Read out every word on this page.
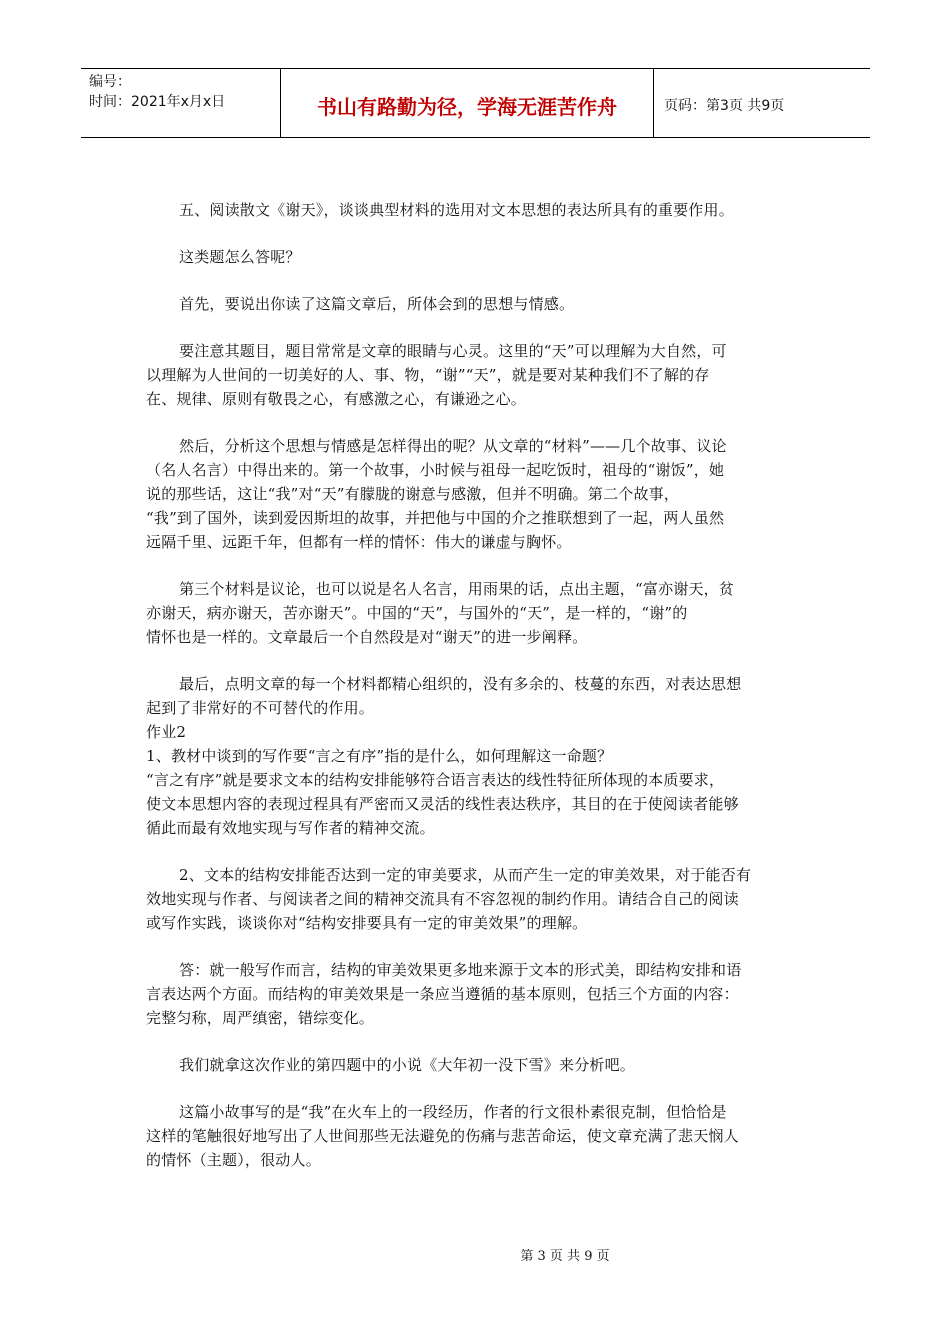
编号：
时间：2021年x月x日	书山有路勤为径，学海无涯苦作舟	页码：第3页 共9页

五、阅读散文《谢天》，谈谈典型材料的选用对文本思想的表达所具有的重要作用。

这类题怎么答呢？

首先，要说出你读了这篇文章后，所体会到的思想与情感。

要注意其题目，题目常常是文章的眼睛与心灵。这里的“天”可以理解为大自然，可

以理解为人世间的一切美好的人、事、物，“谢”“天”，就是要对某种我们不了解的存

在、规律、原则有敬畏之心，有感激之心，有谦逊之心。

然后，分析这个思想与情感是怎样得出的呢？从文章的“材料”——几个故事、议论

（名人名言）中得出来的。第一个故事，小时候与祖母一起吃饭时，祖母的“谢饭”，她

说的那些话，这让“我”对“天”有朦胧的谢意与感激，但并不明确。第二个故事，

“我”到了国外，读到爱因斯坦的故事，并把他与中国的介之推联想到了一起，两人虽然

远隔千里、远距千年，但都有一样的情怀：伟大的谦虚与胸怀。

第三个材料是议论，也可以说是名人名言，用雨果的话，点出主题，“富亦谢天，贫

亦谢天，病亦谢天，苦亦谢天”。中国的“天”，与国外的“天”，是一样的，“谢”的

情怀也是一样的。文章最后一个自然段是对“谢天”的进一步阐释。

最后，点明文章的每一个材料都精心组织的，没有多余的、枝蔓的东西，对表达思想

起到了非常好的不可替代的作用。

作业2

1、教材中谈到的写作要“言之有序”指的是什么，如何理解这一命题？

“言之有序”就是要求文本的结构安排能够符合语言表达的线性特征所体现的本质要求，

使文本思想内容的表现过程具有严密而又灵活的线性表达秩序，其目的在于使阅读者能够

循此而最有效地实现与写作者的精神交流。

2、文本的结构安排能否达到一定的审美要求，从而产生一定的审美效果，对于能否有

效地实现与作者、与阅读者之间的精神交流具有不容忽视的制约作用。请结合自己的阅读

或写作实践，谈谈你对“结构安排要具有一定的审美效果”的理解。

答：就一般写作而言，结构的审美效果更多地来源于文本的形式美，即结构安排和语

言表达两个方面。而结构的审美效果是一条应当遵循的基本原则，包括三个方面的内容：

完整匀称，周严缜密，错综变化。

我们就拿这次作业的第四题中的小说《大年初一没下雪》来分析吧。

这篇小故事写的是“我”在火车上的一段经历，作者的行文很朴素很克制，但恰恰是

这样的笔触很好地写出了人世间那些无法避免的伤痛与悲苦命运，使文章充满了悲天悯人

的情怀（主题），很动人。

第 3 页 共 9 页
